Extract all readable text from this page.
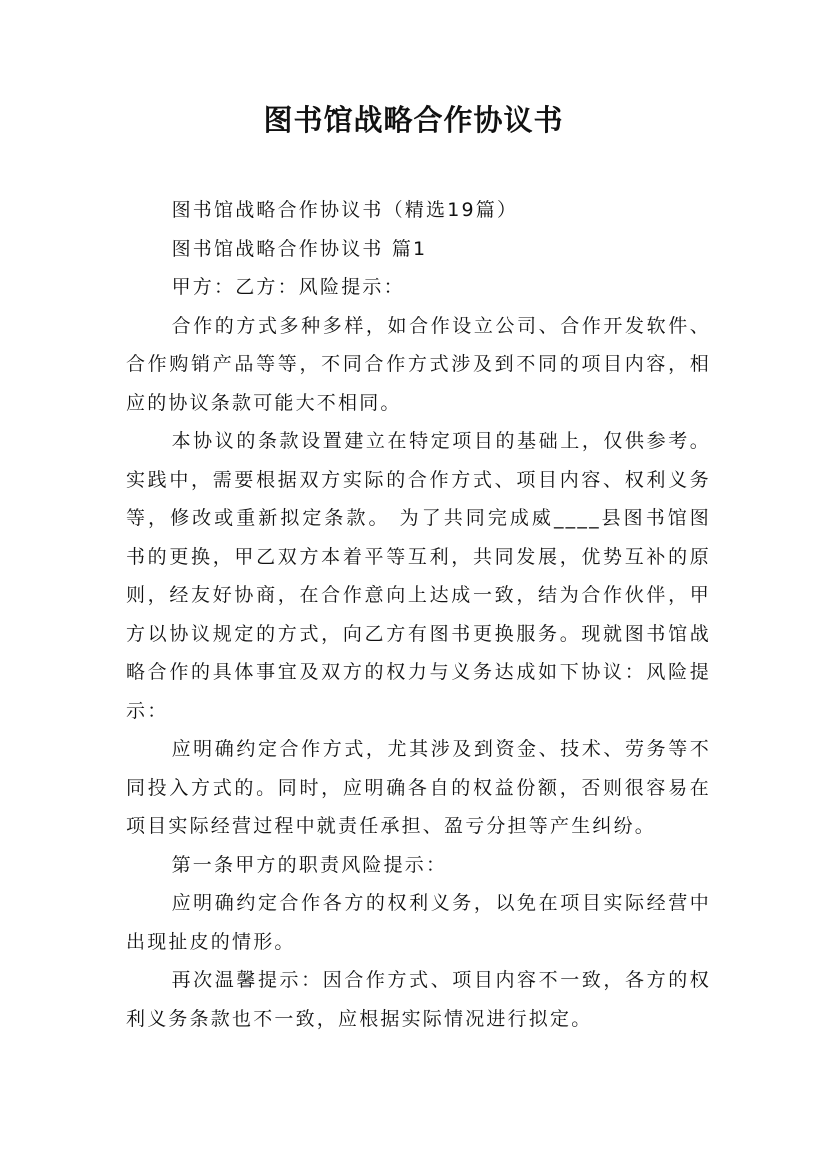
图书馆战略合作协议书

图书馆战略合作协议书（精选19篇）

图书馆战略合作协议书 篇1

甲方：乙方：风险提示：

合作的方式多种多样，如合作设立公司、合作开发软件、合作购销产品等等，不同合作方式涉及到不同的项目内容，相应的协议条款可能大不相同。

本协议的条款设置建立在特定项目的基础上，仅供参考。实践中，需要根据双方实际的合作方式、项目内容、权利义务等，修改或重新拟定条款。 为了共同完成威____县图书馆图书的更换，甲乙双方本着平等互利，共同发展，优势互补的原则，经友好协商，在合作意向上达成一致，结为合作伙伴，甲方以协议规定的方式，向乙方有图书更换服务。现就图书馆战略合作的具体事宜及双方的权力与义务达成如下协议：风险提示：

应明确约定合作方式，尤其涉及到资金、技术、劳务等不同投入方式的。同时，应明确各自的权益份额，否则很容易在项目实际经营过程中就责任承担、盈亏分担等产生纠纷。

第一条甲方的职责风险提示：

应明确约定合作各方的权利义务，以免在项目实际经营中出现扯皮的情形。

再次温馨提示：因合作方式、项目内容不一致，各方的权利义务条款也不一致，应根据实际情况进行拟定。
